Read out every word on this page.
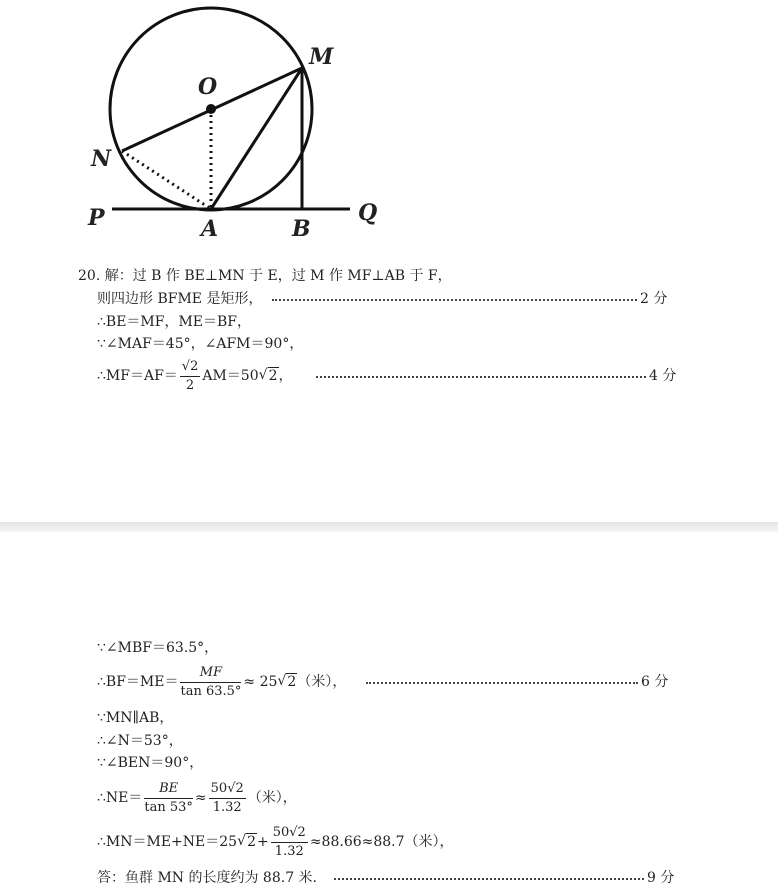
O
M
N
P	A	B
Q
20. 解：过 B 作 BE⊥MN 于 E，过 M 作 MF⊥AB 于 F，
则四边形 BFME 是矩形，	2 分
∴BE＝MF，ME＝BF，
∵∠MAF＝45°，∠AFM＝90°，
∴MF＝AF＝ $\frac{√2}{2} AM=50√$ 2，	4 分
∵∠MBF＝63.5°，
∴BF＝ME＝ $\frac{MF}{\tan 63.5^\circ} \approx 25√$ 2（米），	6 分
∵MN∥AB，
∴∠N＝53°，
∵∠BEN＝90°，
∴NE＝ $\frac{BE}{\tan 53^\circ} \approx \frac{50√2}{1.32}$ （米），
∴MN＝ME+NE＝25√ $2+ \frac{50√2}{1.32} \approx 88.66\approx 88.7$（米），
答：鱼群 MN 的长度约为 88.7 米.	9 分
